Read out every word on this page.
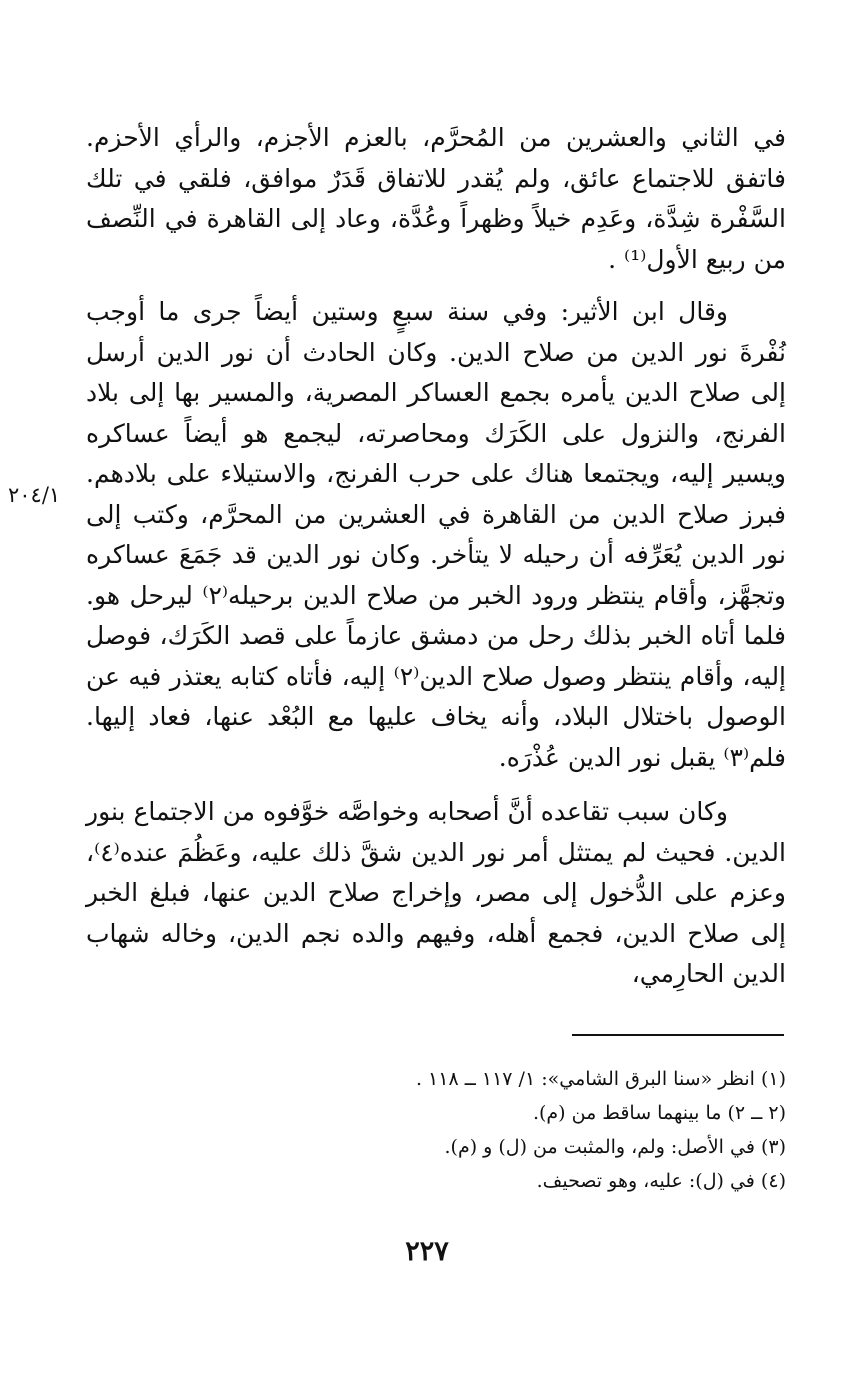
في الثاني والعشرين من المُحرَّم، بالعزم الأجزم، والرأي الأحزم. فاتفق للاجتماع عائق، ولم يُقدر للاتفاق قَدَرٌ موافق، فلقي في تلك السَّفْرة شِدَّة، وعَدِم خيلاً وظهراً وعُدَّة، وعاد إلى القاهرة في النِّصف من ربيع الأول⁽¹⁾ .

وقال ابن الأثير: وفي سنة سبعٍ وستين أيضاً جرى ما أوجب نُفْرةَ نور الدين من صلاح الدين. وكان الحادث أن نور الدين أرسل إلى صلاح الدين يأمره بجمع العساكر المصرية، والمسير بها إلى بلاد الفرنج، والنزول على الكَرَك ومحاصرته، ليجمع هو أيضاً عساكره ويسير إليه، ويجتمعا هناك على حرب الفرنج، والاستيلاء على بلادهم. فبرز صلاح الدين من القاهرة في العشرين من المحرَّم، وكتب إلى نور الدين يُعَرِّفه أن رحيله لا يتأخر. وكان نور الدين قد جَمَعَ عساكره وتجهَّز، وأقام ينتظر ورود الخبر من صلاح الدين برحيله⁽٢⁾ ليرحل هو. فلما أتاه الخبر بذلك رحل من دمشق عازماً على قصد الكَرَك، فوصل إليه، وأقام ينتظر وصول صلاح الدين⁽٢⁾ إليه، فأتاه كتابه يعتذر فيه عن الوصول باختلال البلاد، وأنه يخاف عليها مع البُعْد عنها، فعاد إليها. فلم⁽٣⁾ يقبل نور الدين عُذْرَه.

وكان سبب تقاعده أنَّ أصحابه وخواصَّه خوَّفوه من الاجتماع بنور الدين. فحيث لم يمتثل أمر نور الدين شقَّ ذلك عليه، وعَظُمَ عنده⁽٤⁾، وعزم على الدُّخول إلى مصر، وإخراج صلاح الدين عنها، فبلغ الخبر إلى صلاح الدين، فجمع أهله، وفيهم والده نجم الدين، وخاله شهاب الدين الحارِمي،

٢٠٤/١

(١) انظر «سنا البرق الشامي»: ١/ ١١٧ ــ ١١٨ .

(٢ ــ ٢) ما بينهما ساقط من (م).

(٣) في الأصل: ولم، والمثبت من (ل) و (م).

(٤) في (ل): عليه، وهو تصحيف.

٢٢٧
